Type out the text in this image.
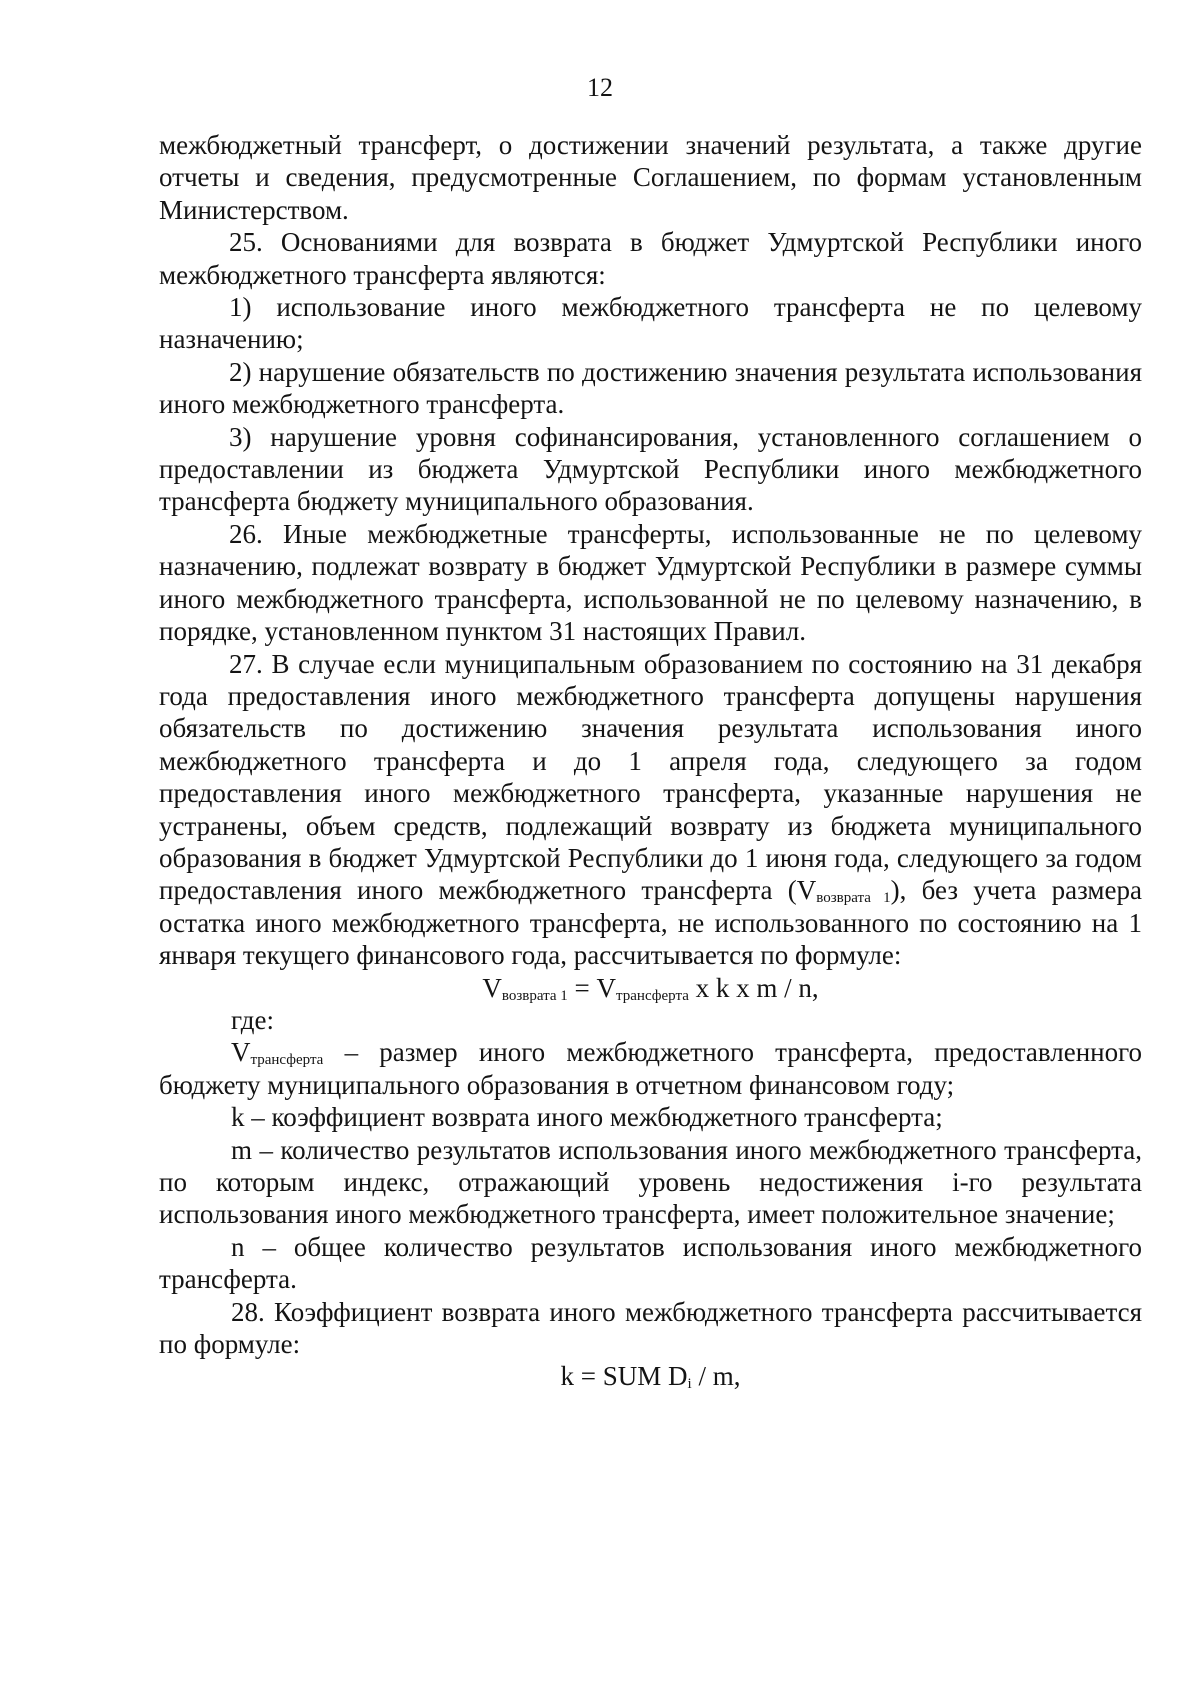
12

межбюджетный трансферт, о достижении значений результата, а также другие отчеты и сведения, предусмотренные Соглашением, по формам установленным Министерством.

25. Основаниями для возврата в бюджет Удмуртской Республики иного межбюджетного трансферта являются:

1) использование иного межбюджетного трансферта не по целевому назначению;

2) нарушение обязательств по достижению значения результата использования иного межбюджетного трансферта.

3) нарушение уровня софинансирования, установленного соглашением о предоставлении из бюджета Удмуртской Республики иного межбюджетного трансферта бюджету муниципального образования.

26. Иные межбюджетные трансферты, использованные не по целевому назначению, подлежат возврату в бюджет Удмуртской Республики в размере суммы иного межбюджетного трансферта, использованной не по целевому назначению, в порядке, установленном пунктом 31 настоящих Правил.

27. В случае если муниципальным образованием по состоянию на 31 декабря года предоставления иного межбюджетного трансферта допущены нарушения обязательств по достижению значения результата использования иного межбюджетного трансферта и до 1 апреля года, следующего за годом предоставления иного межбюджетного трансферта, указанные нарушения не устранены, объем средств, подлежащий возврату из бюджета муниципального образования в бюджет Удмуртской Республики до 1 июня года, следующего за годом предоставления иного межбюджетного трансферта $(V_{возврата 1})$, без учета размера остатка иного межбюджетного трансферта, не использованного по состоянию на 1 января текущего финансового года, рассчитывается по формуле:

$V_{возврата 1} = V_{трансферта}$ x k x m / n,

где:

$V_{трансферта}$ – размер иного межбюджетного трансферта, предоставленного бюджету муниципального образования в отчетном финансовом году;

k – коэффициент возврата иного межбюджетного трансферта;

m – количество результатов использования иного межбюджетного трансферта, по которым индекс, отражающий уровень недостижения i-го результата использования иного межбюджетного трансферта, имеет положительное значение;

n – общее количество результатов использования иного межбюджетного трансферта.

28. Коэффициент возврата иного межбюджетного трансферта рассчитывается по формуле:

k = SUM $D_i$ / m,
